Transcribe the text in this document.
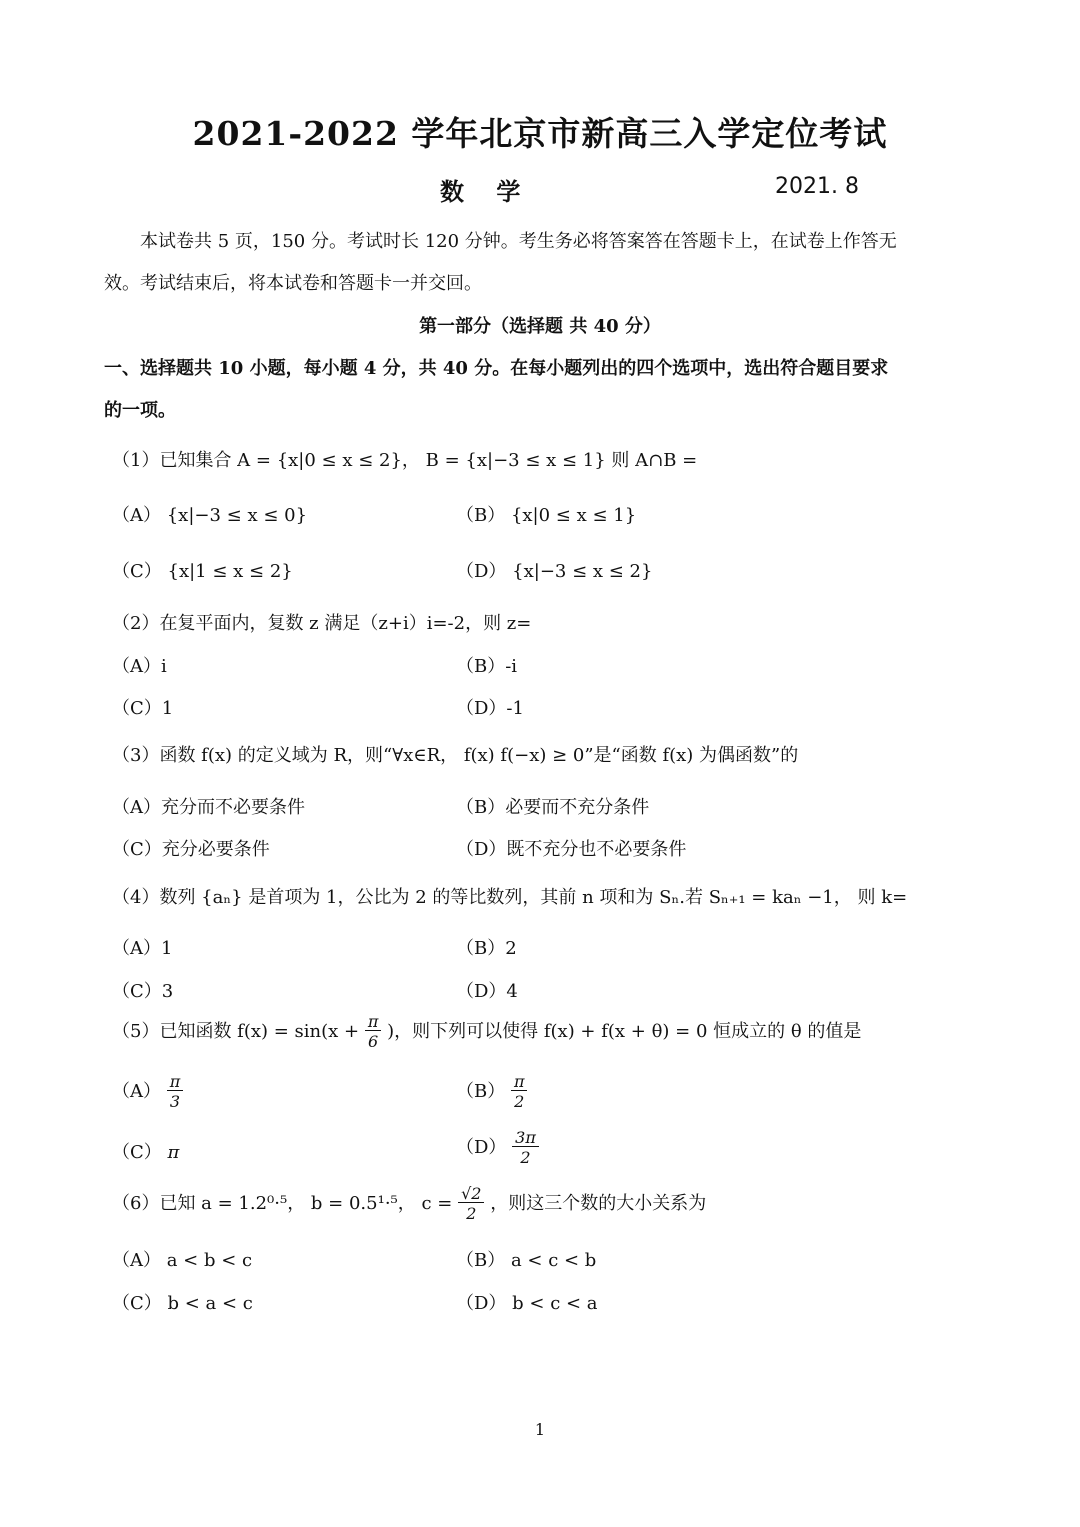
2021-2022 学年北京市新高三入学定位考试
数 学	2021. 8
本试卷共 5 页，150 分。考试时长 120 分钟。考生务必将答案答在答题卡上，在试卷上作答无
效。考试结束后，将本试卷和答题卡一并交回。
第一部分（选择题 共 40 分）
一、选择题共 10 小题，每小题 4 分，共 40 分。在每小题列出的四个选项中，选出符合题目要求
的一项。
（1）已知集合 A = {x|0 ≤ x ≤ 2}， B = {x|−3 ≤ x ≤ 1} 则 A∩B =
（A） {x|−3 ≤ x ≤ 0}	（B） {x|0 ≤ x ≤ 1}
（C） {x|1 ≤ x ≤ 2}	（D） {x|−3 ≤ x ≤ 2}
（2）在复平面内，复数 z 满足（z+i）i=-2，则 z=
（A）i	（B）-i
（C）1	（D）-1
（3）函数 f(x) 的定义域为 R，则“∀x∈R， f(x) f(−x) ≥ 0”是“函数 f(x) 为偶函数”的
（A）充分而不必要条件	（B）必要而不充分条件
（C）充分必要条件	（D）既不充分也不必要条件
（4）数列 {aₙ} 是首项为 1，公比为 2 的等比数列，其前 n 项和为 Sₙ.若 Sₙ₊₁ = kaₙ −1， 则 k=
（A）1	（B）2
（C）3	（D）4
（5）已知函数 $f(x) = \sin(x + \frac{\pi}{6}$ )，则下列可以使得 f(x) + f(x + θ) = 0 恒成立的 θ 的值是
$(A) \frac{\pi}{3}$	$(B) \frac{\pi}{2}$
（C） π	$(D) \frac{3\pi}{2}$
（6）已知 a = 1.2⁰·⁵， b = 0.5¹·⁵， $c = \frac{√2}{2}$ ，则这三个数的大小关系为
（A） a < b < c	（B） a < c < b
（C） b < a < c	（D） b < c < a
1
